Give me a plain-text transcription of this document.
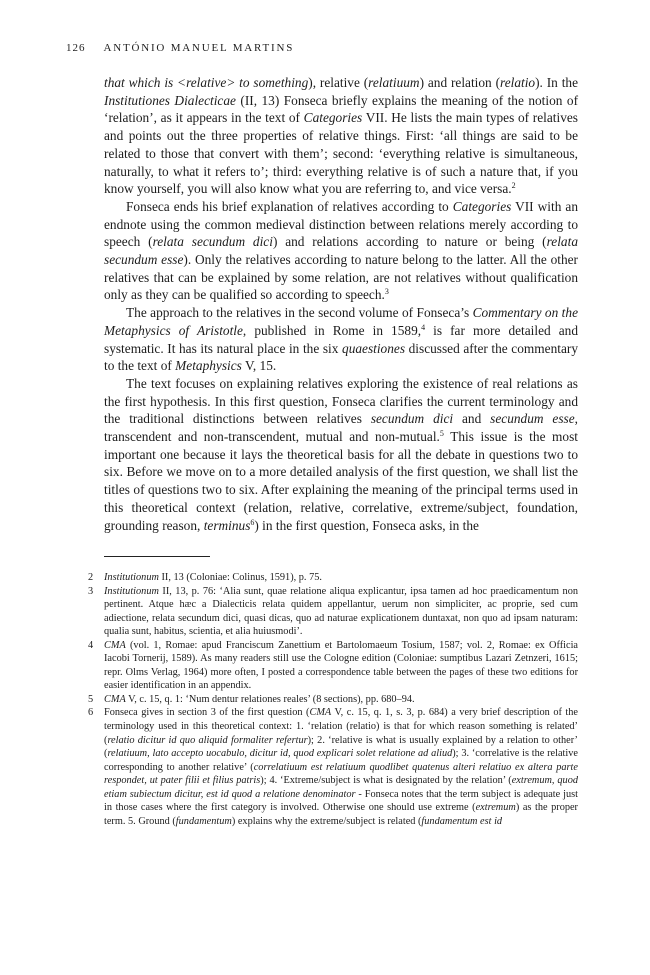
126 ANTÓNIO MANUEL MARTINS

that which is <relative> to something), relative (relatiuum) and relation (relatio). In the Institutiones Dialecticae (II, 13) Fonseca briefly explains the meaning of the notion of ‘relation’, as it appears in the text of Categories VII. He lists the main types of relatives and points out the three properties of relative things. First: ‘all things are said to be related to those that convert with them’; second: ‘everything relative is simultaneous, naturally, to what it refers to’; third: everything relative is of such a nature that, if you know yourself, you will also know what you are referring to, and vice versa.$^2$

Fonseca ends his brief explanation of relatives according to Categories VII with an endnote using the common medieval distinction between relations merely according to speech (relata secundum dici) and relations according to nature or being (relata secundum esse). Only the relatives according to nature belong to the latter. All the other relatives that can be explained by some relation, are not relatives without qualification only as they can be qualified so according to speech.$^3$

The approach to the relatives in the second volume of Fonseca’s Commentary on the Metaphysics of Aristotle, published in Rome in 1589,$^4$ is far more detailed and systematic. It has its natural place in the six quaestiones discussed after the commentary to the text of Metaphysics V, 15.

The text focuses on explaining relatives exploring the existence of real relations as the first hypothesis. In this first question, Fonseca clarifies the current terminology and the traditional distinctions between relatives secundum dici and secundum esse, transcendent and non-transcendent, mutual and non-mutual.$^5$ This issue is the most important one because it lays the theoretical basis for all the debate in questions two to six. Before we move on to a more detailed analysis of the first question, we shall list the titles of questions two to six. After explaining the meaning of the principal terms used in this theoretical context (relation, relative, correlative, extreme/subject, foundation, grounding reason, terminus$^6$) in the first question, Fonseca asks, in the

2	Institutionum II, 13 (Coloniae: Colinus, 1591), p. 75.
3	Institutionum II, 13, p. 76: ‘Alia sunt, quae relatione aliqua explicantur, ipsa tamen ad hoc praedicamentum non pertinent. Atque hæc a Dialecticis relata quidem appellantur, uerum non simpliciter, ac proprie, sed cum adiectione, relata secundum dici, quasi dicas, quo ad naturae explicationem duntaxat, non quo ad ipsam naturam: qualia sunt, habitus, scientia, et alia huiusmodi’.
4	CMA (vol. 1, Romae: apud Franciscum Zanettium et Bartolomaeum Tosium, 1587; vol. 2, Romae: ex Officia Iacobi Tornerij, 1589). As many readers still use the Cologne edition (Coloniae: sumptibus Lazari Zetnzeri, 1615; repr. Olms Verlag, 1964) more often, I posted a correspondence table between the pages of these two editions for easier identification in an appendix.
5	CMA V, c. 15, q. 1: ‘Num dentur relationes reales’ (8 sections), pp. 680–94.
6	Fonseca gives in section 3 of the first question (CMA V, c. 15, q. 1, s. 3, p. 684) a very brief description of the terminology used in this theoretical context: 1. ‘relation (relatio) is that for which reason something is related’ (relatio dicitur id quo aliquid formaliter refertur); 2. ‘relative is what is usually explained by a relation to other’ (relatiuum, lato accepto uocabulo, dicitur id, quod explicari solet relatione ad aliud); 3. ‘correlative is the relative corresponding to another relative’ (correlatiuum est relatiuum quodlibet quatenus alteri relatiuo ex altera parte respondet, ut pater filii et filius patris); 4. ‘Extreme/subject is what is designated by the relation’ (extremum, quod etiam subiectum dicitur, est id quod a relatione denominator - Fonseca notes that the term subject is adequate just in those cases where the first category is involved. Otherwise one should use extreme (extremum) as the proper term. 5. Ground (fundamentum) explains why the extreme/subject is related (fundamentum est id
